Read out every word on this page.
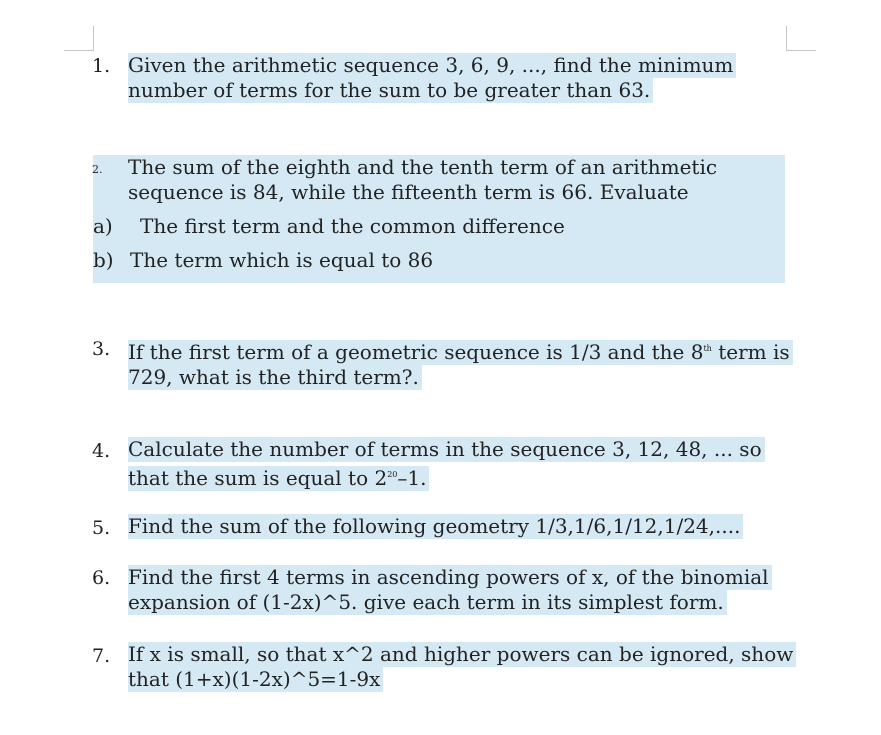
1. Given the arithmetic sequence 3, 6, 9, ..., find the minimum
number of terms for the sum to be greater than 63.
2.	The sum of the eighth and the tenth term of an arithmetic
sequence is 84, while the fifteenth term is 66. Evaluate
a) The first term and the common difference
b) The term which is equal to 86
3. If the first term of a geometric sequence is 1/3 and the 8th term is
729, what is the third term?.
4. Calculate the number of terms in the sequence 3, 12, 48, ... so
that the sum is equal to $2^{20}-1$.
5. Find the sum of the following geometry 1/3,1/6,1/12,1/24,....
6. Find the first 4 terms in ascending powers of x, of the binomial
expansion of (1-2x)^5. give each term in its simplest form.
7. If x is small, so that x^2 and higher powers can be ignored, show
that (1+x)(1-2x)^5=1-9x
